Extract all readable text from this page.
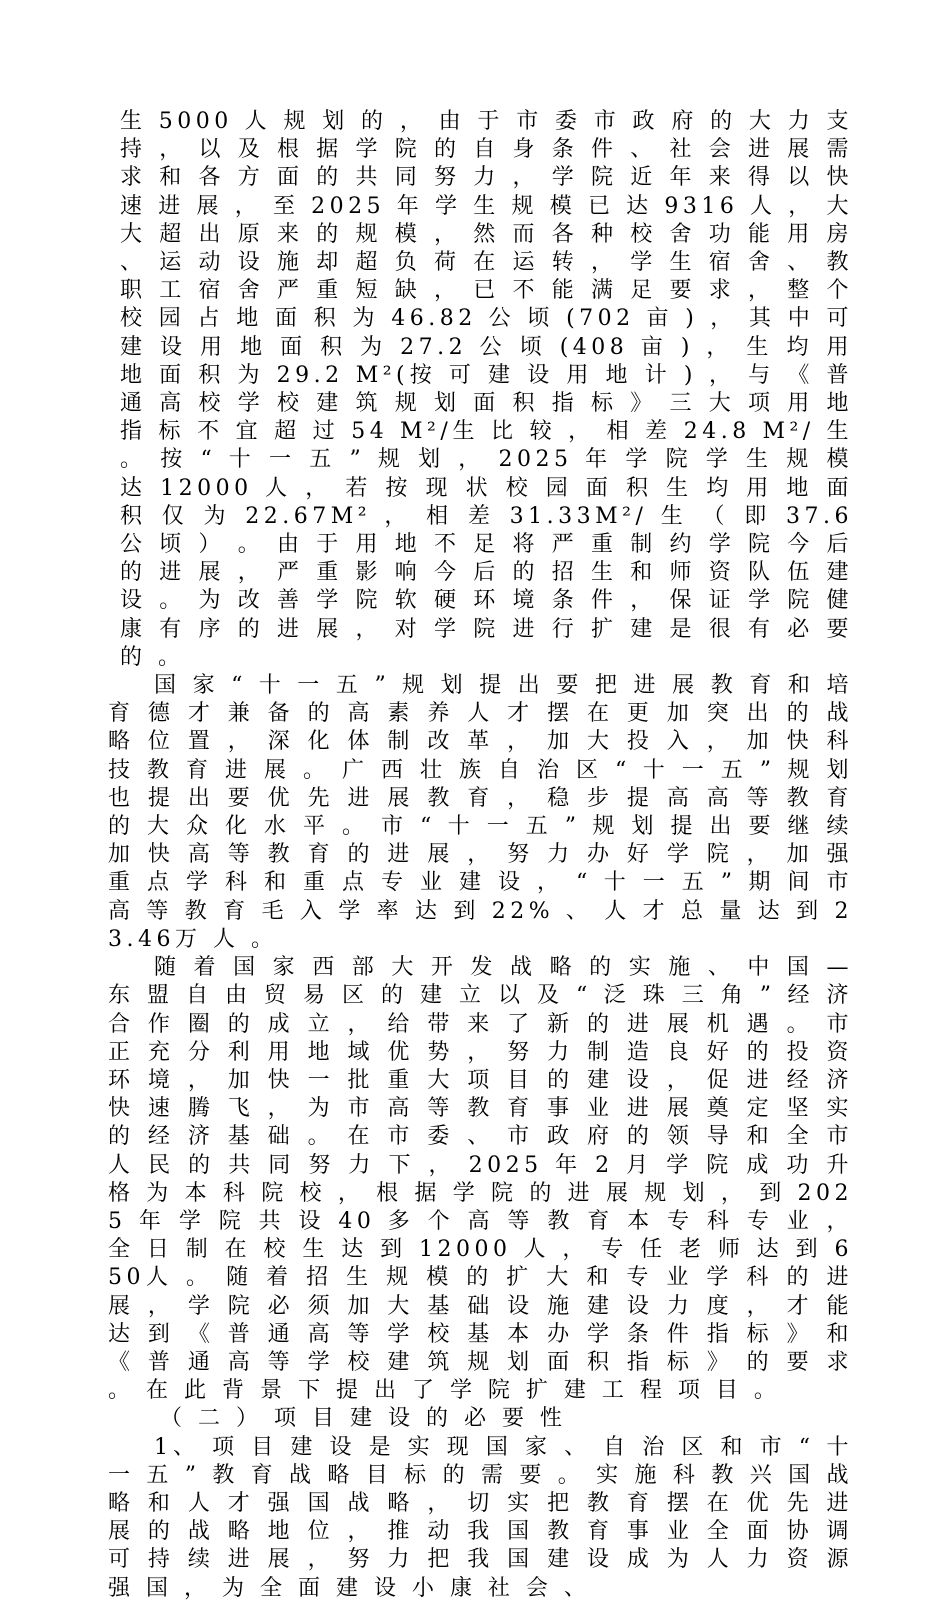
生 5000 人 规 划 的 ， 由 于 市 委 市 政 府 的 大 力 支 持 ， 以 及 根 据 学 院 的 自 身 条 件 、 社 会 进 展 需 求 和 各 方 面 的 共 同 努 力 ， 学 院 近 年 来 得 以 快 速 进 展 ， 至 2025 年 学 生 规 模 已 达 9316 人 ， 大 大 超 出 原 来 的 规 模 ， 然 而 各 种 校 舍 功 能 用 房 、 运 动 设 施 却 超 负 荷 在 运 转 ， 学 生 宿 舍 、 教 职 工 宿 舍 严 重 短 缺 ， 已 不 能 满 足 要 求 ， 整 个 校 园 占 地 面 积 为 46.82 公 顷 (702 亩 ) ， 其 中 可 建 设 用 地 面 积 为 27.2 公 顷 (408 亩 ) ， 生 均 用 地 面 积 为 29.2 M²(按 可 建 设 用 地 计 ) ， 与 《 普 通 高 校 学 校 建 筑 规 划 面 积 指 标 》 三 大 项 用 地 指 标 不 宜 超 过 54 M²/生 比 较 ， 相 差 24.8 M²/ 生 。 按 “ 十 一 五 ” 规 划 ， 2025 年 学 院 学 生 规 模 达 12000 人 ， 若 按 现 状 校 园 面 积 生 均 用 地 面 积 仅 为 22.67M² ， 相 差 31.33M²/ 生 （ 即 37.6 公 顷 ） 。 由 于 用 地 不 足 将 严 重 制 约 学 院 今 后 的 进 展 ， 严 重 影 响 今 后 的 招 生 和 师 资 队 伍 建 设 。 为 改 善 学 院 软 硬 环 境 条 件 ， 保 证 学 院 健 康 有 序 的 进 展 ， 对 学 院 进 行 扩 建 是 很 有 必 要 的 。

国 家 “ 十 一 五 ” 规 划 提 出 要 把 进 展 教 育 和 培 育 德 才 兼 备 的 高 素 养 人 才 摆 在 更 加 突 出 的 战 略 位 置 ， 深 化 体 制 改 革 ， 加 大 投 入 ， 加 快 科 技 教 育 进 展 。 广 西 壮 族 自 治 区 “ 十 一 五 ” 规 划 也 提 出 要 优 先 进 展 教 育 ， 稳 步 提 高 高 等 教 育 的 大 众 化 水 平 。 市 “ 十 一 五 ” 规 划 提 出 要 继 续 加 快 高 等 教 育 的 进 展 ， 努 力 办 好 学 院 ， 加 强 重 点 学 科 和 重 点 专 业 建 设 ， “ 十 一 五 ” 期 间 市 高 等 教 育 毛 入 学 率 达 到 22% 、 人 才 总 量 达 到 23.46万 人 。

随 着 国 家 西 部 大 开 发 战 略 的 实 施 、 中 国 — 东 盟 自 由 贸 易 区 的 建 立 以 及 “ 泛 珠 三 角 ” 经 济 合 作 圈 的 成 立 ， 给 带 来 了 新 的 进 展 机 遇 。 市 正 充 分 利 用 地 域 优 势 ， 努 力 制 造 良 好 的 投 资 环 境 ， 加 快 一 批 重 大 项 目 的 建 设 ， 促 进 经 济 快 速 腾 飞 ， 为 市 高 等 教 育 事 业 进 展 奠 定 坚 实 的 经 济 基 础 。 在 市 委 、 市 政 府 的 领 导 和 全 市 人 民 的 共 同 努 力 下 ， 2025 年 2 月 学 院 成 功 升 格 为 本 科 院 校 ， 根 据 学 院 的 进 展 规 划 ， 到 2025 年 学 院 共 设 40 多 个 高 等 教 育 本 专 科 专 业 ， 全 日 制 在 校 生 达 到 12000 人 ， 专 任 老 师 达 到 650人 。 随 着 招 生 规 模 的 扩 大 和 专 业 学 科 的 进 展 ， 学 院 必 须 加 大 基 础 设 施 建 设 力 度 ， 才 能 达 到 《 普 通 高 等 学 校 基 本 办 学 条 件 指 标 》 和 《 普 通 高 等 学 校 建 筑 规 划 面 积 指 标 》 的 要 求 。 在 此 背 景 下 提 出 了 学 院 扩 建 工 程 项 目 。

（ 二 ） 项 目 建 设 的 必 要 性

1、 项 目 建 设 是 实 现 国 家 、 自 治 区 和 市 “ 十 一 五 ” 教 育 战 略 目 标 的 需 要 。 实 施 科 教 兴 国 战 略 和 人 才 强 国 战 略 ， 切 实 把 教 育 摆 在 优 先 进 展 的 战 略 地 位 ， 推 动 我 国 教 育 事 业 全 面 协 调 可 持 续 进 展 ， 努 力 把 我 国 建 设 成 为 人 力 资 源 强 国 ， 为 全 面 建 设 小 康 社 会 、
